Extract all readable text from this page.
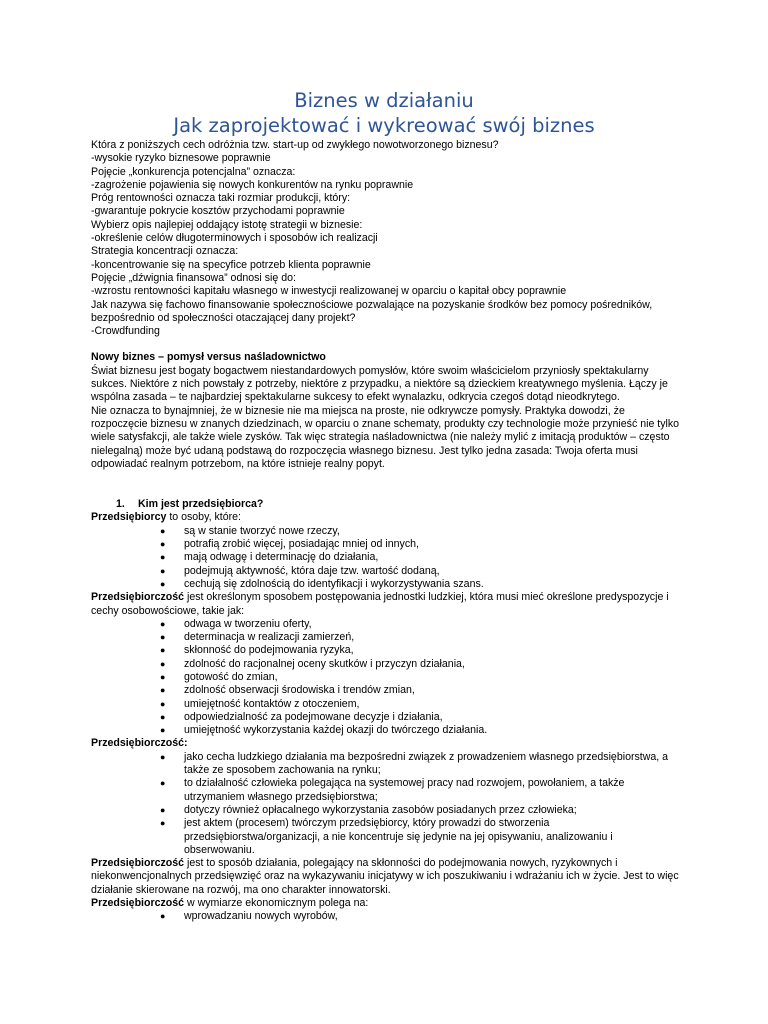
Biznes w działaniu
Jak zaprojektować i wykreować swój biznes

Która z poniższych cech odróżnia tzw. start-up od zwykłego nowotworzonego biznesu?

-wysokie ryzyko biznesowe poprawnie

Pojęcie „konkurencja potencjalna” oznacza:

-zagrożenie pojawienia się nowych konkurentów na rynku poprawnie

Próg rentowności oznacza taki rozmiar produkcji, który:

-gwarantuje pokrycie kosztów przychodami poprawnie

Wybierz opis najlepiej oddający istotę strategii w biznesie:

-określenie celów długoterminowych i sposobów ich realizacji

Strategia koncentracji oznacza:

-koncentrowanie się na specyfice potrzeb klienta poprawnie

Pojęcie „dźwignia finansowa” odnosi się do:

-wzrostu rentowności kapitału własnego w inwestycji realizowanej w oparciu o kapitał obcy poprawnie

Jak nazywa się fachowo finansowanie społecznościowe pozwalające na pozyskanie środków bez pomocy pośredników, bezpośrednio od społeczności otaczającej dany projekt?

-Crowdfunding

Nowy biznes – pomysł versus naśladownictwo

Świat biznesu jest bogaty bogactwem niestandardowych pomysłów, które swoim właścicielom przyniosły spektakularny sukces. Niektóre z nich powstały z potrzeby, niektóre z przypadku, a niektóre są dzieckiem kreatywnego myślenia. Łączy je wspólna zasada – te najbardziej spektakularne sukcesy to efekt wynalazku, odkrycia czegoś dotąd nieodkrytego.

Nie oznacza to bynajmniej, że w biznesie nie ma miejsca na proste, nie odkrywcze pomysły. Praktyka dowodzi, że rozpoczęcie biznesu w znanych dziedzinach, w oparciu o znane schematy, produkty czy technologie może przynieść nie tylko wiele satysfakcji, ale także wiele zysków. Tak więc strategia naśladownictwa (nie należy mylić z imitacją produktów – często nielegalną) może być udaną podstawą do rozpoczęcia własnego biznesu. Jest tylko jedna zasada: Twoja oferta musi odpowiadać realnym potrzebom, na które istnieje realny popyt.

1.	Kim jest przedsiębiorca?

Przedsiębiorcy to osoby, które:

● są w stanie tworzyć nowe rzeczy,
● potrafią zrobić więcej, posiadając mniej od innych,
● mają odwagę i determinację do działania,
● podejmują aktywność, która daje tzw. wartość dodaną,
● cechują się zdolnością do identyfikacji i wykorzystywania szans.

Przedsiębiorczość jest określonym sposobem postępowania jednostki ludzkiej, która musi mieć określone predyspozycje i cechy osobowościowe, takie jak:

● odwaga w tworzeniu oferty,
● determinacja w realizacji zamierzeń,
● skłonność do podejmowania ryzyka,
● zdolność do racjonalnej oceny skutków i przyczyn działania,
● gotowość do zmian,
● zdolność obserwacji środowiska i trendów zmian,
● umiejętność kontaktów z otoczeniem,
● odpowiedzialność za podejmowane decyzje i działania,
● umiejętność wykorzystania każdej okazji do twórczego działania.

Przedsiębiorczość:

● jako cecha ludzkiego działania ma bezpośredni związek z prowadzeniem własnego przedsiębiorstwa, a także ze sposobem zachowania na rynku;
● to działalność człowieka polegająca na systemowej pracy nad rozwojem, powołaniem, a także utrzymaniem własnego przedsiębiorstwa;
● dotyczy również opłacalnego wykorzystania zasobów posiadanych przez człowieka;
● jest aktem (procesem) twórczym przedsiębiorcy, który prowadzi do stworzenia przedsiębiorstwa/organizacji, a nie koncentruje się jedynie na jej opisywaniu, analizowaniu i obserwowaniu.

Przedsiębiorczość jest to sposób działania, polegający na skłonności do podejmowania nowych, ryzykownych i niekonwencjonalnych przedsięwzięć oraz na wykazywaniu inicjatywy w ich poszukiwaniu i wdrażaniu ich w życie. Jest to więc działanie skierowane na rozwój, ma ono charakter innowatorski.

Przedsiębiorczość w wymiarze ekonomicznym polega na:

● wprowadzaniu nowych wyrobów,
